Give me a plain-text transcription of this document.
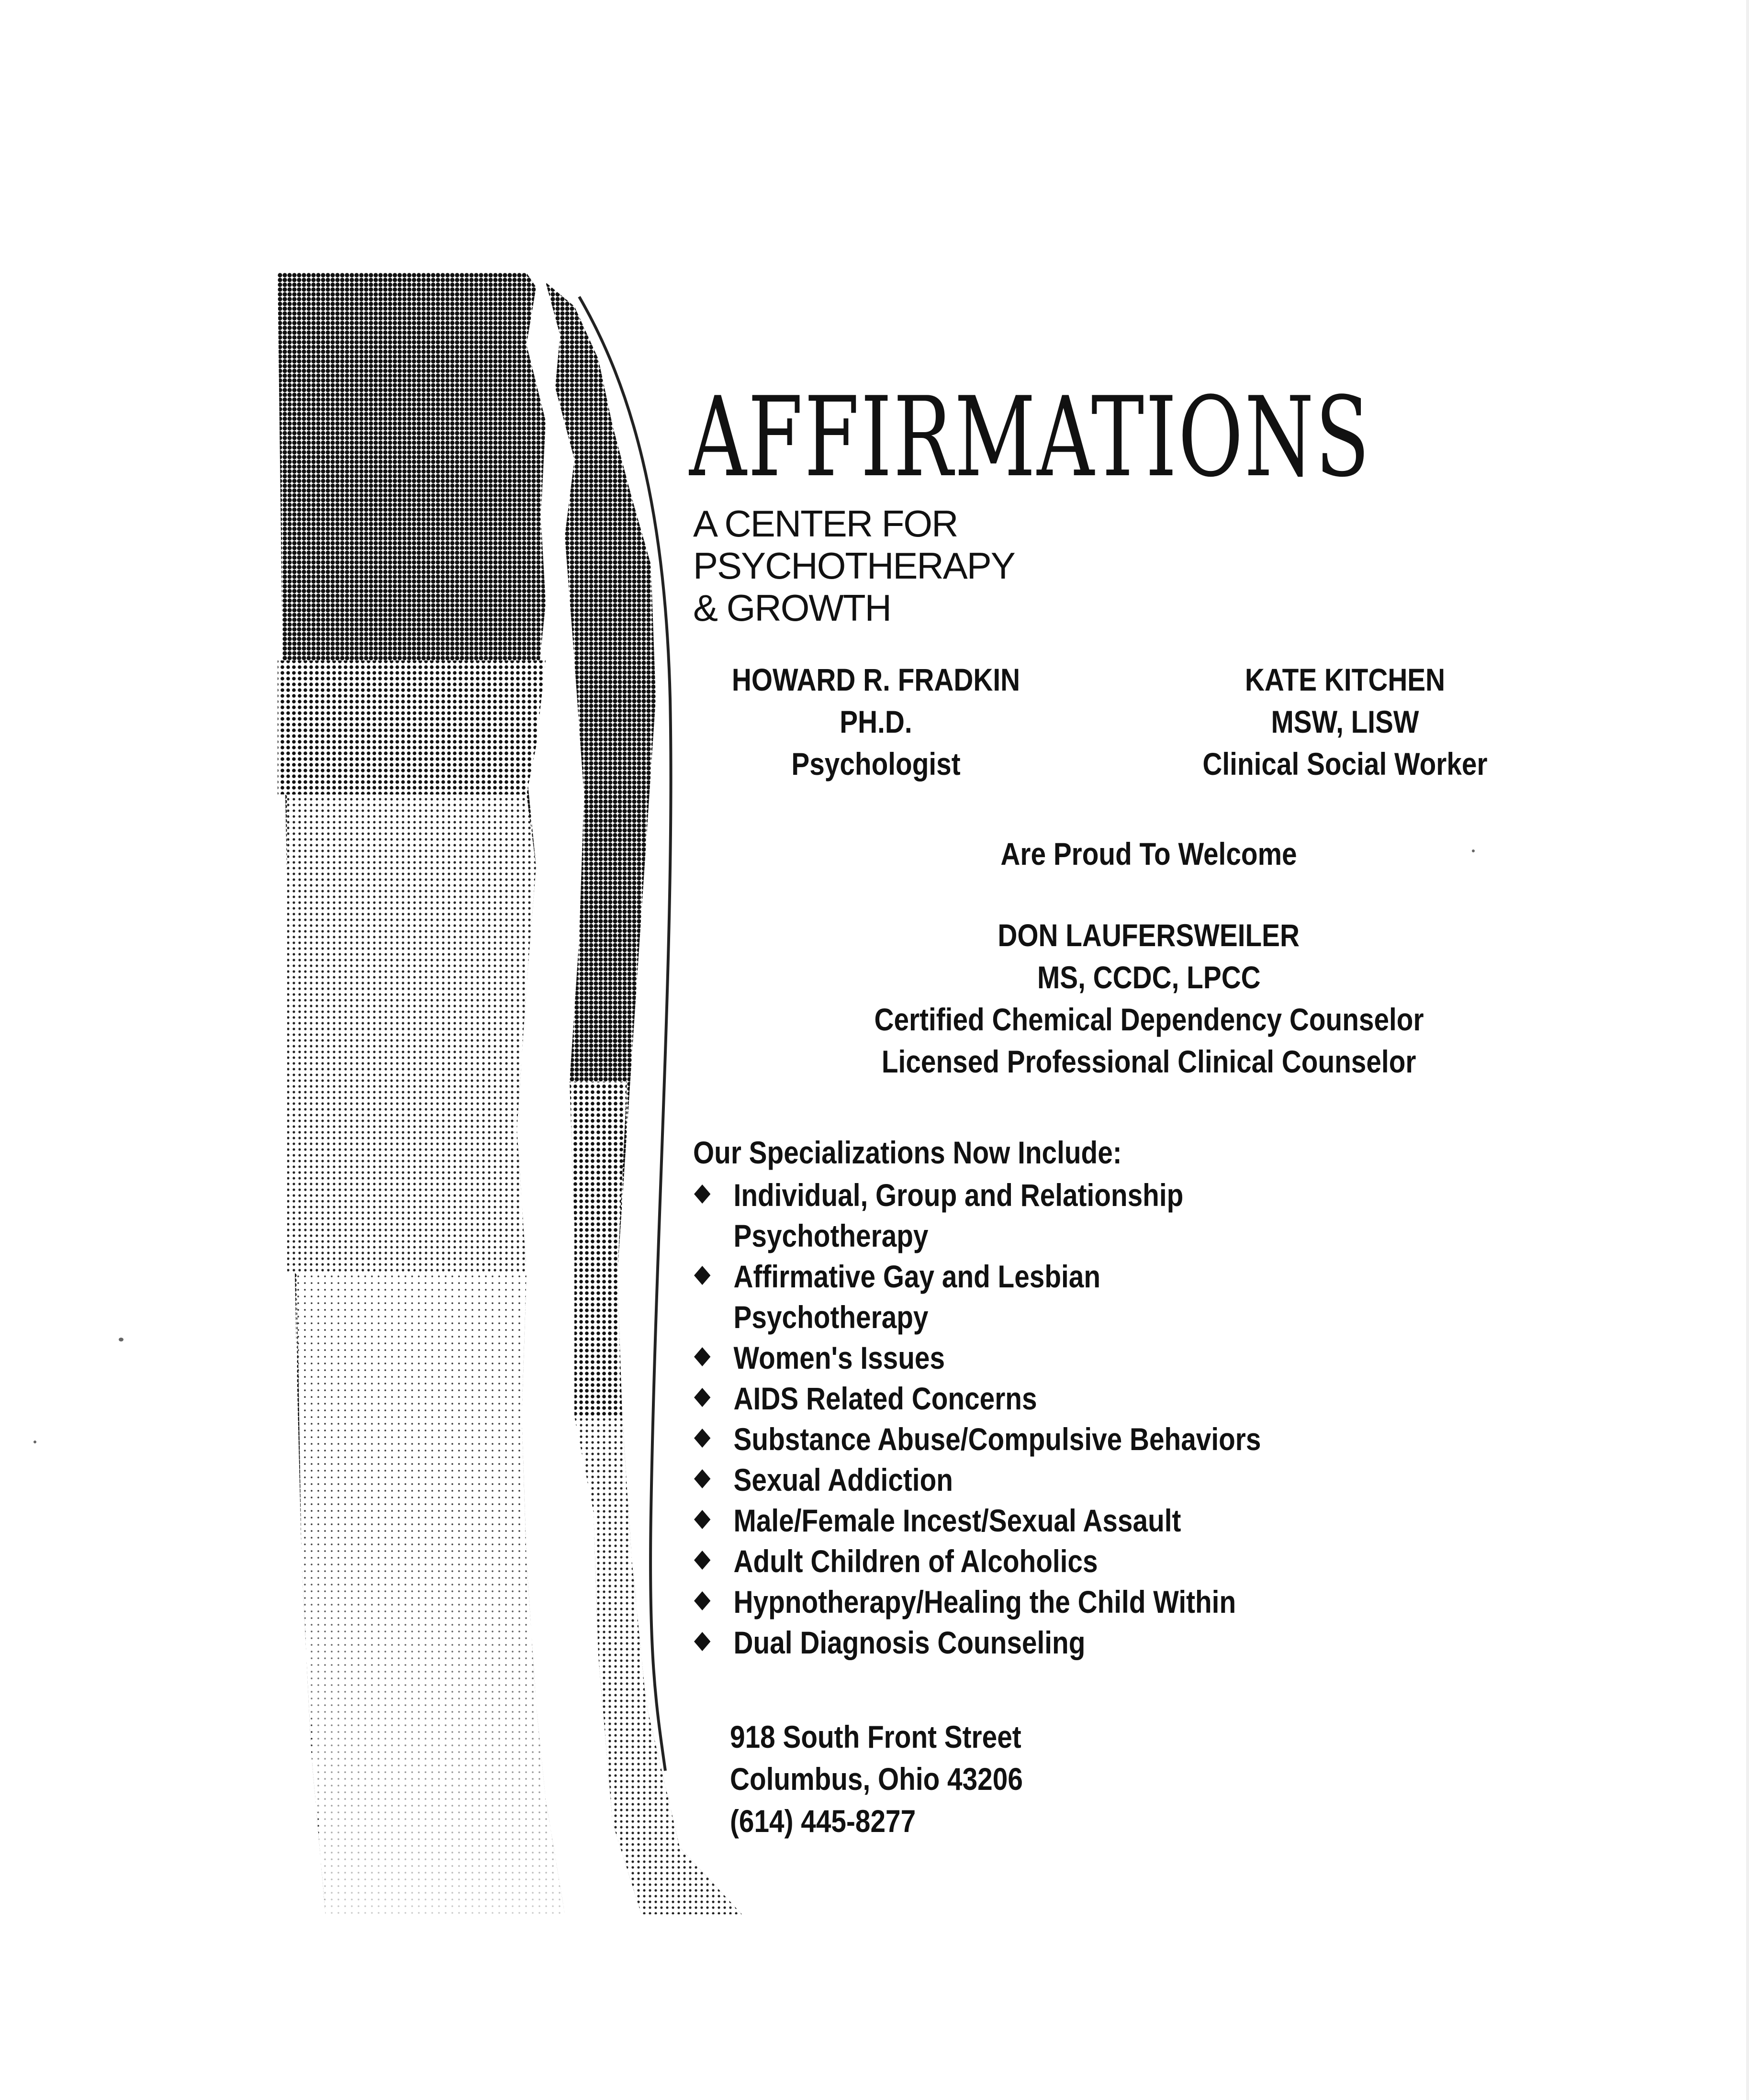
AFFIRMATIONS
A CENTER FOR
PSYCHOTHERAPY
& GROWTH
HOWARD R. FRADKIN
PH.D.
Psychologist
KATE KITCHEN
MSW, LISW
Clinical Social Worker
Are Proud To Welcome
DON LAUFERSWEILER
MS, CCDC, LPCC
Certified Chemical Dependency Counselor
Licensed Professional Clinical Counselor
Our Specializations Now Include:
Individual, Group and Relationship
Psychotherapy
Affirmative Gay and Lesbian
Psychotherapy
Women's Issues
AIDS Related Concerns
Substance Abuse/Compulsive Behaviors
Sexual Addiction
Male/Female Incest/Sexual Assault
Adult Children of Alcoholics
Hypnotherapy/Healing the Child Within
Dual Diagnosis Counseling
918 South Front Street
Columbus, Ohio 43206
(614) 445-8277
